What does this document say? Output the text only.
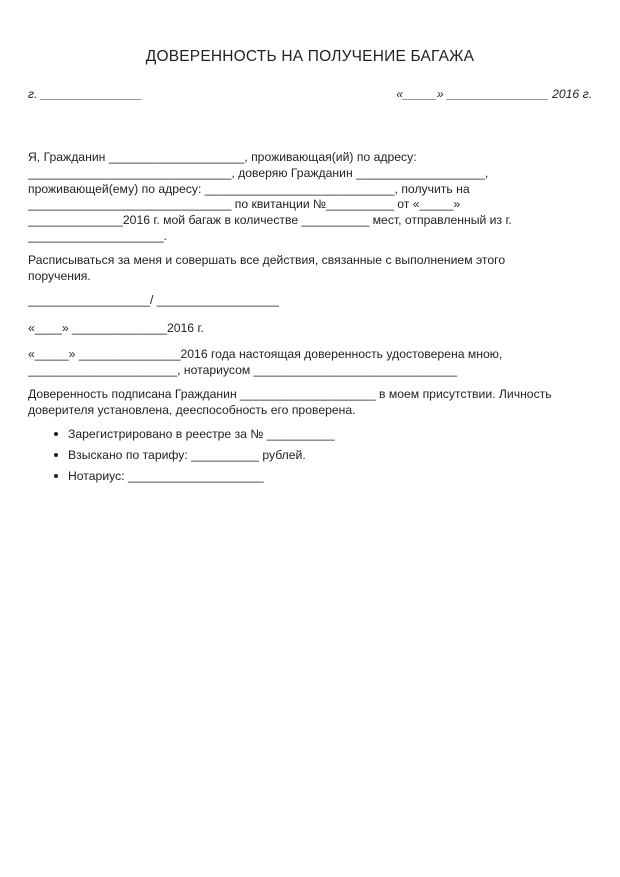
ДОВЕРЕННОСТЬ НА ПОЛУЧЕНИЕ БАГАЖА
г. _______________	«_____» _______________ 2016 г.
Я, Гражданин ____________________, проживающая(ий) по адресу:
______________________________, доверяю Гражданин ___________________,
проживающей(ему) по адресу: ____________________________, получить на
______________________________ по квитанции №__________ от «_____»
______________2016 г. мой багаж в количестве __________ мест, отправленный из г.
____________________.
Расписываться за меня и совершать все действия, связанные с выполнением этого
поручения.
__________________/ __________________
«____» ______________2016 г.
«_____» _______________2016 года настоящая доверенность удостоверена мною,
______________________, нотариусом ______________________________
Доверенность подписана Гражданин ____________________ в моем присутствии. Личность
доверителя установлена, дееспособность его проверена.
Зарегистрировано в реестре за № __________
Взыскано по тарифу: __________ рублей.
Нотариус: ____________________
